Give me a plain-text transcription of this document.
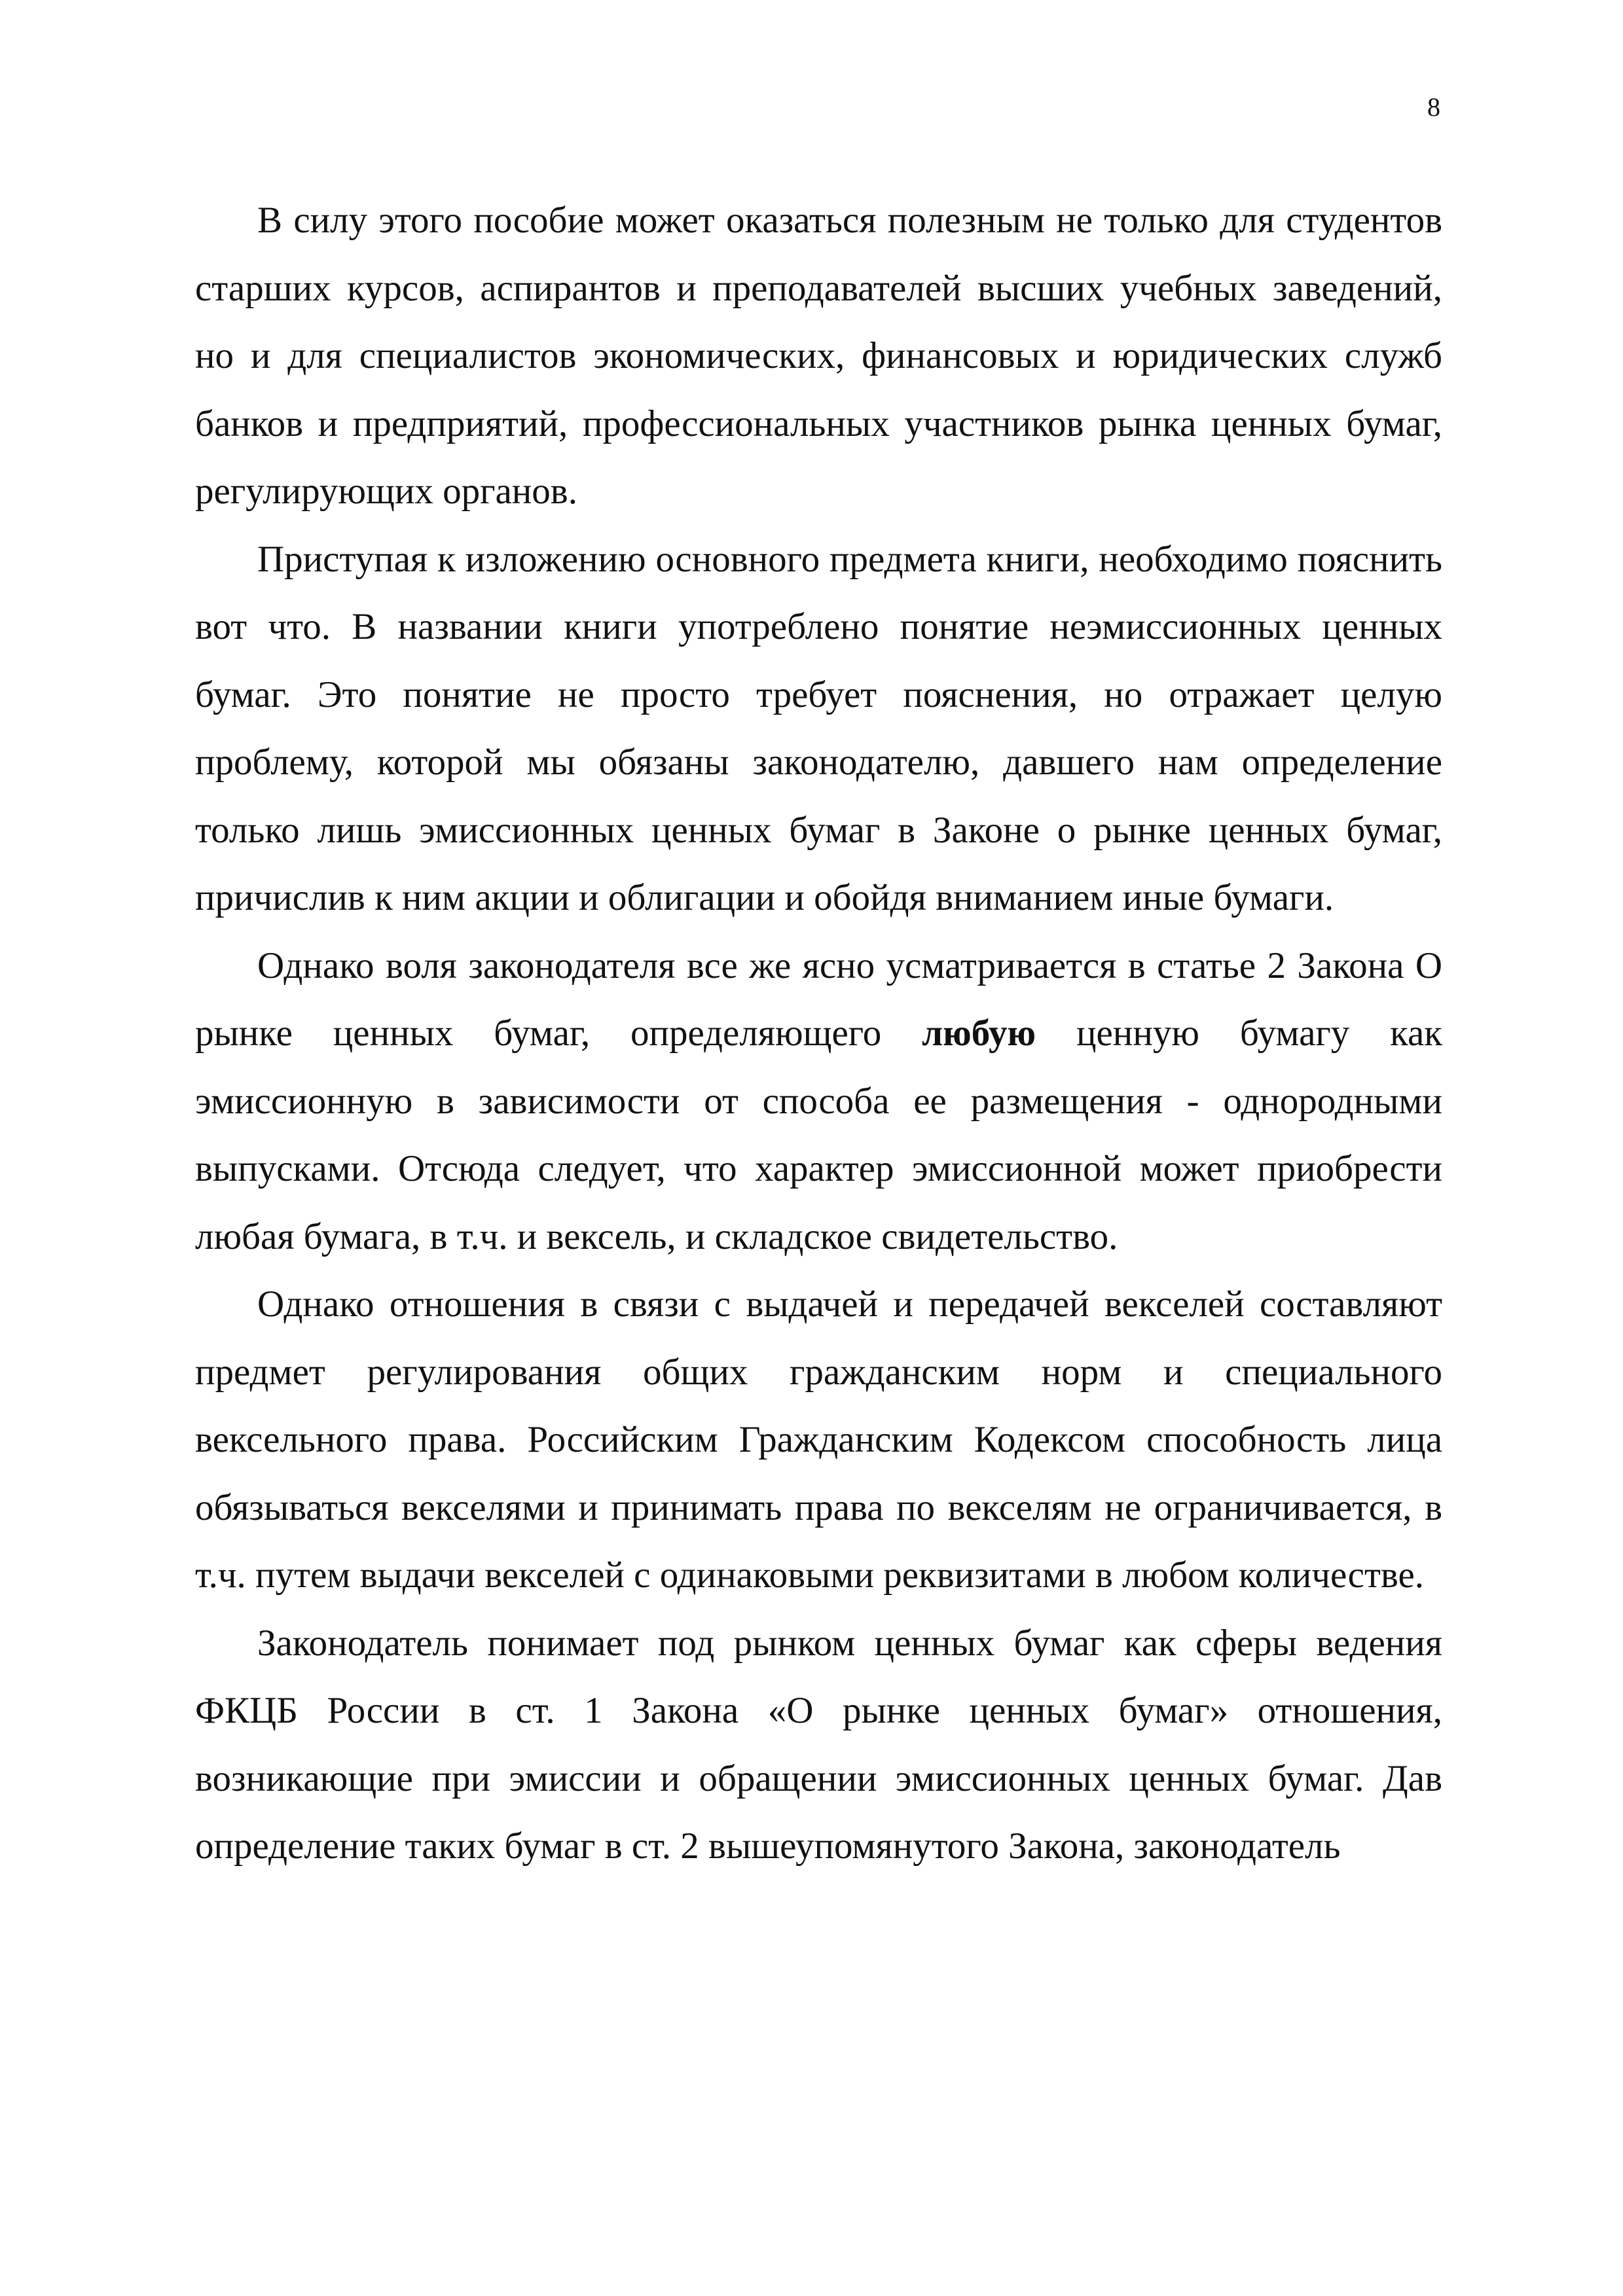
8

В силу этого пособие может оказаться полезным не только для студентов старших курсов, аспирантов и преподавателей высших учебных заведений, но и для специалистов экономических, финансовых и юридических служб банков и предприятий, профессиональных участников рынка ценных бумаг, регулирующих органов.

Приступая к изложению основного предмета книги, необходимо пояснить вот что. В названии книги употреблено понятие неэмиссионных ценных бумаг. Это понятие не просто требует пояснения, но отражает целую проблему, которой мы обязаны законодателю, давшего нам определение только лишь эмиссионных ценных бумаг в Законе о рынке ценных бумаг, причислив к ним акции и облигации и обойдя вниманием иные бумаги.

Однако воля законодателя все же ясно усматривается в статье 2 Закона О рынке ценных бумаг, определяющего любую ценную бумагу как эмиссионную в зависимости от способа ее размещения - однородными выпусками. Отсюда следует, что характер эмиссионной может приобрести любая бумага, в т.ч. и вексель, и складское свидетельство.

Однако отношения в связи с выдачей и передачей векселей составляют предмет регулирования общих гражданским норм и специального вексельного права. Российским Гражданским Кодексом способность лица обязываться векселями и принимать права по векселям не ограничивается, в т.ч. путем выдачи векселей с одинаковыми реквизитами в любом количестве.

Законодатель понимает под рынком ценных бумаг как сферы ведения ФКЦБ России в ст. 1 Закона «О рынке ценных бумаг» отношения, возникающие при эмиссии и обращении эмиссионных ценных бумаг. Дав определение таких бумаг в ст. 2 вышеупомянутого Закона, законодатель
